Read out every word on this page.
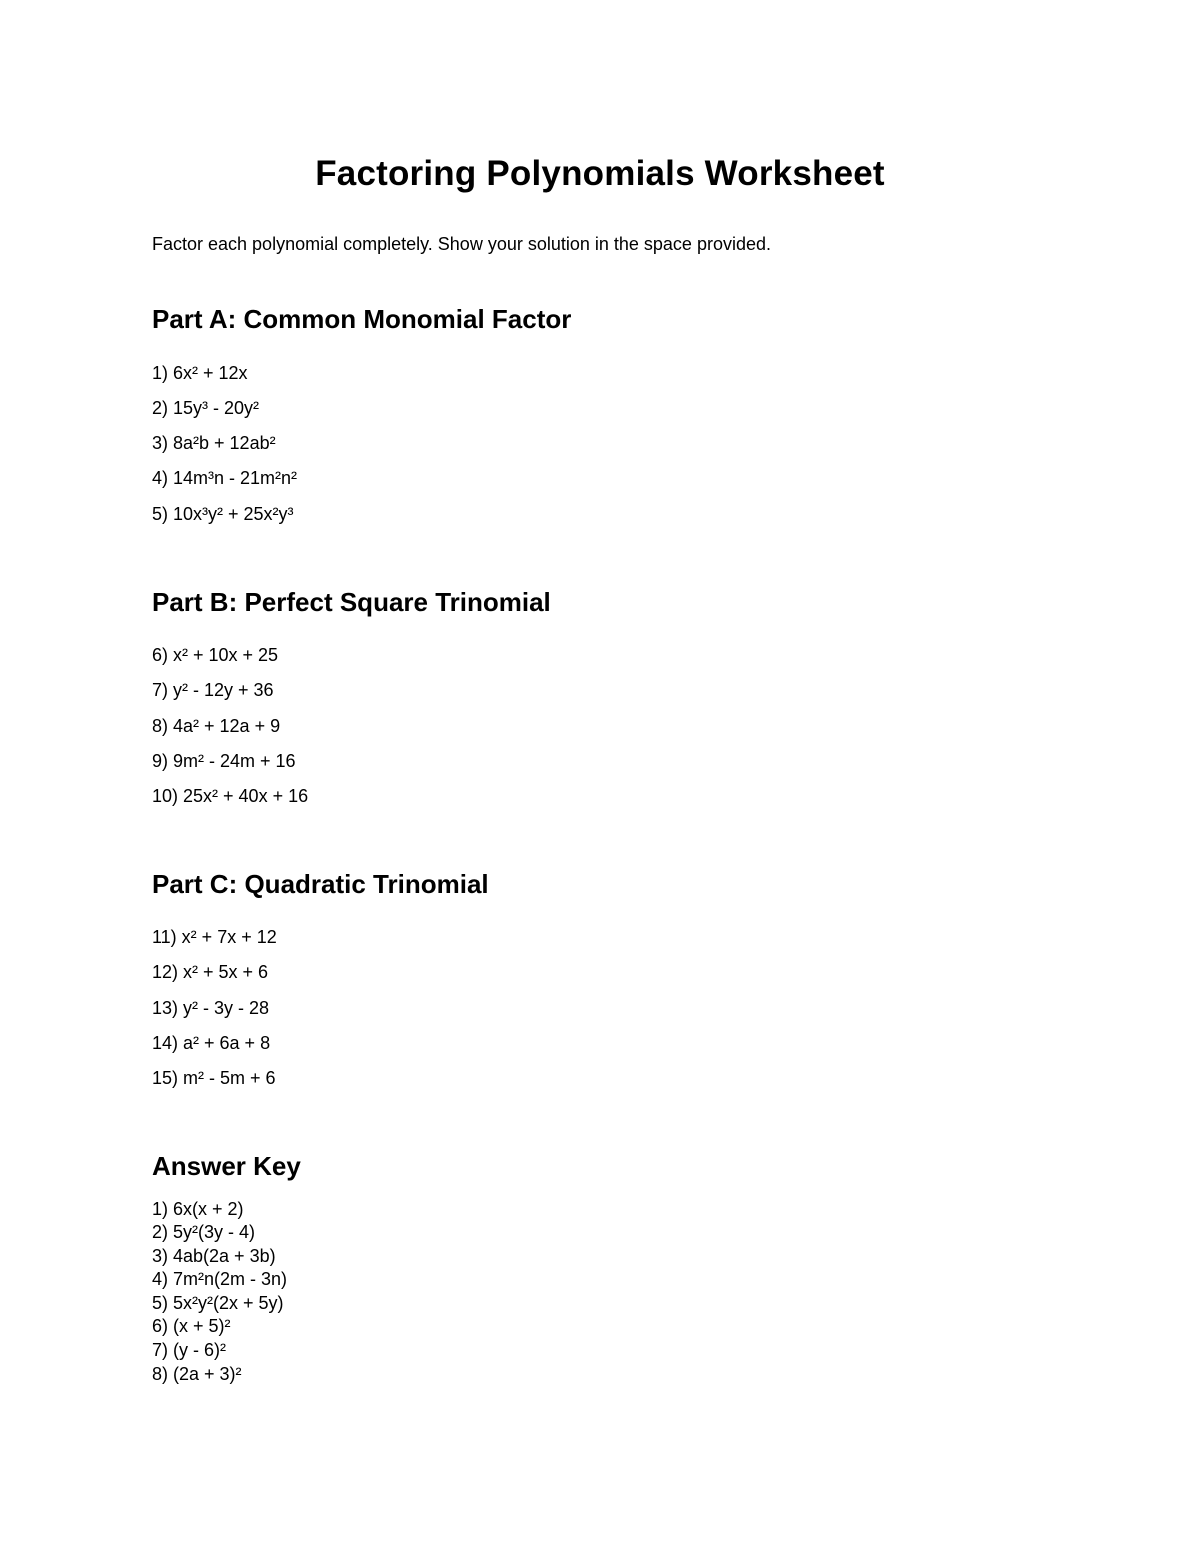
Factoring Polynomials Worksheet

Factor each polynomial completely. Show your solution in the space provided.

Part A: Common Monomial Factor

1) 6x² + 12x

2) 15y³ - 20y²

3) 8a²b + 12ab²

4) 14m³n - 21m²n²

5) 10x³y² + 25x²y³

Part B: Perfect Square Trinomial

6) x² + 10x + 25

7) y² - 12y + 36

8) 4a² + 12a + 9

9) 9m² - 24m + 16

10) 25x² + 40x + 16

Part C: Quadratic Trinomial

11) x² + 7x + 12

12) x² + 5x + 6

13) y² - 3y - 28

14) a² + 6a + 8

15) m² - 5m + 6

Answer Key

1) 6x(x + 2)

2) 5y²(3y - 4)

3) 4ab(2a + 3b)

4) 7m²n(2m - 3n)

5) 5x²y²(2x + 5y)

6) (x + 5)²

7) (y - 6)²

8) (2a + 3)²
